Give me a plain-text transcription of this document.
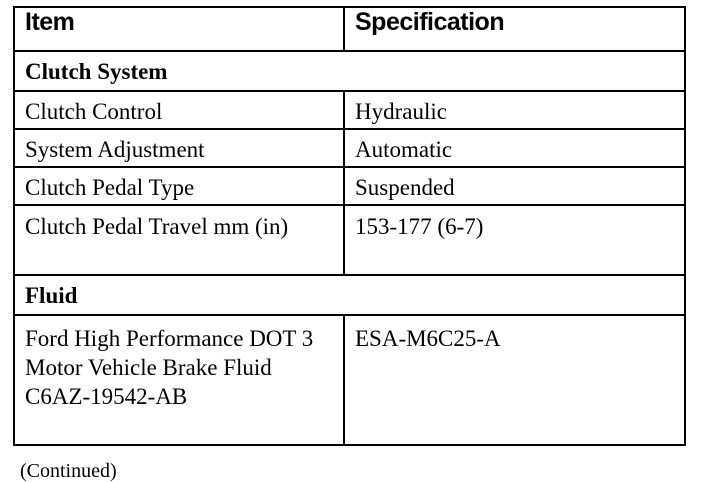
Item	Specification
Clutch System	
Clutch Control	Hydraulic
System Adjustment	Automatic
Clutch Pedal Type	Suspended
Clutch Pedal Travel mm (in)	153-177 (6-7)
Fluid	
Ford High Performance DOT 3 Motor Vehicle Brake Fluid C6AZ-19542-AB	ESA-M6C25-A
(Continued)
